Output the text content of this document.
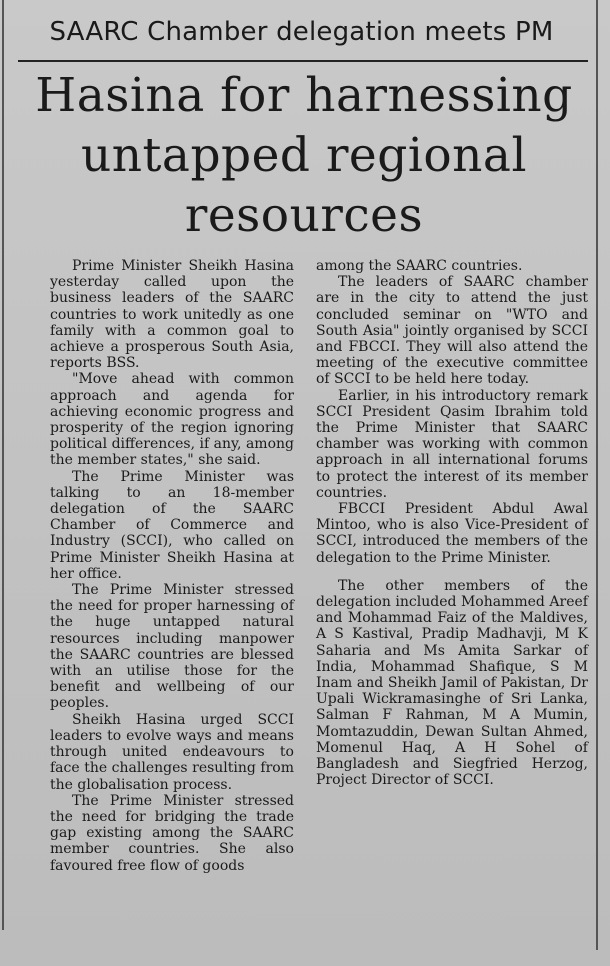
SAARC Chamber delegation meets PM
Hasina for harnessing untapped regional resources

Prime Minister Sheikh Hasina yesterday called upon the business leaders of the SAARC countries to work unitedly as one family with a common goal to achieve a prosperous South Asia, reports BSS.

"Move ahead with common approach and agenda for achieving economic progress and prosperity of the region ignoring political differences, if any, among the member states," she said.

The Prime Minister was talking to an 18-member delegation of the SAARC Chamber of Commerce and Industry (SCCI), who called on Prime Minister Sheikh Hasina at her office.

The Prime Minister stressed the need for proper harnessing of the huge untapped natural resources including manpower the SAARC countries are blessed with an utilise those for the benefit and wellbeing of our peoples.

Sheikh Hasina urged SCCI leaders to evolve ways and means through united endeavours to face the challenges resulting from the globalisation process.

The Prime Minister stressed the need for bridging the trade gap existing among the SAARC member countries. She also favoured free flow of goods

among the SAARC countries.

The leaders of SAARC chamber are in the city to attend the just concluded seminar on "WTO and South Asia" jointly organised by SCCI and FBCCI. They will also attend the meeting of the executive committee of SCCI to be held here today.

Earlier, in his introductory remark SCCI President Qasim Ibrahim told the Prime Minister that SAARC chamber was working with common approach in all international forums to protect the interest of its member countries.

FBCCI President Abdul Awal Mintoo, who is also Vice-President of SCCI, introduced the members of the delegation to the Prime Minister.

The other members of the delegation included Mohammed Areef and Mohammad Faiz of the Maldives, A S Kastival, Pradip Madhavji, M K Saharia and Ms Amita Sarkar of India, Mohammad Shafique, S M Inam and Sheikh Jamil of Pakistan, Dr Upali Wickramasinghe of Sri Lanka, Salman F Rahman, M A Mumin, Momtazuddin, Dewan Sultan Ahmed, Momenul Haq, A H Sohel of Bangladesh and Siegfried Herzog, Project Director of SCCI.
